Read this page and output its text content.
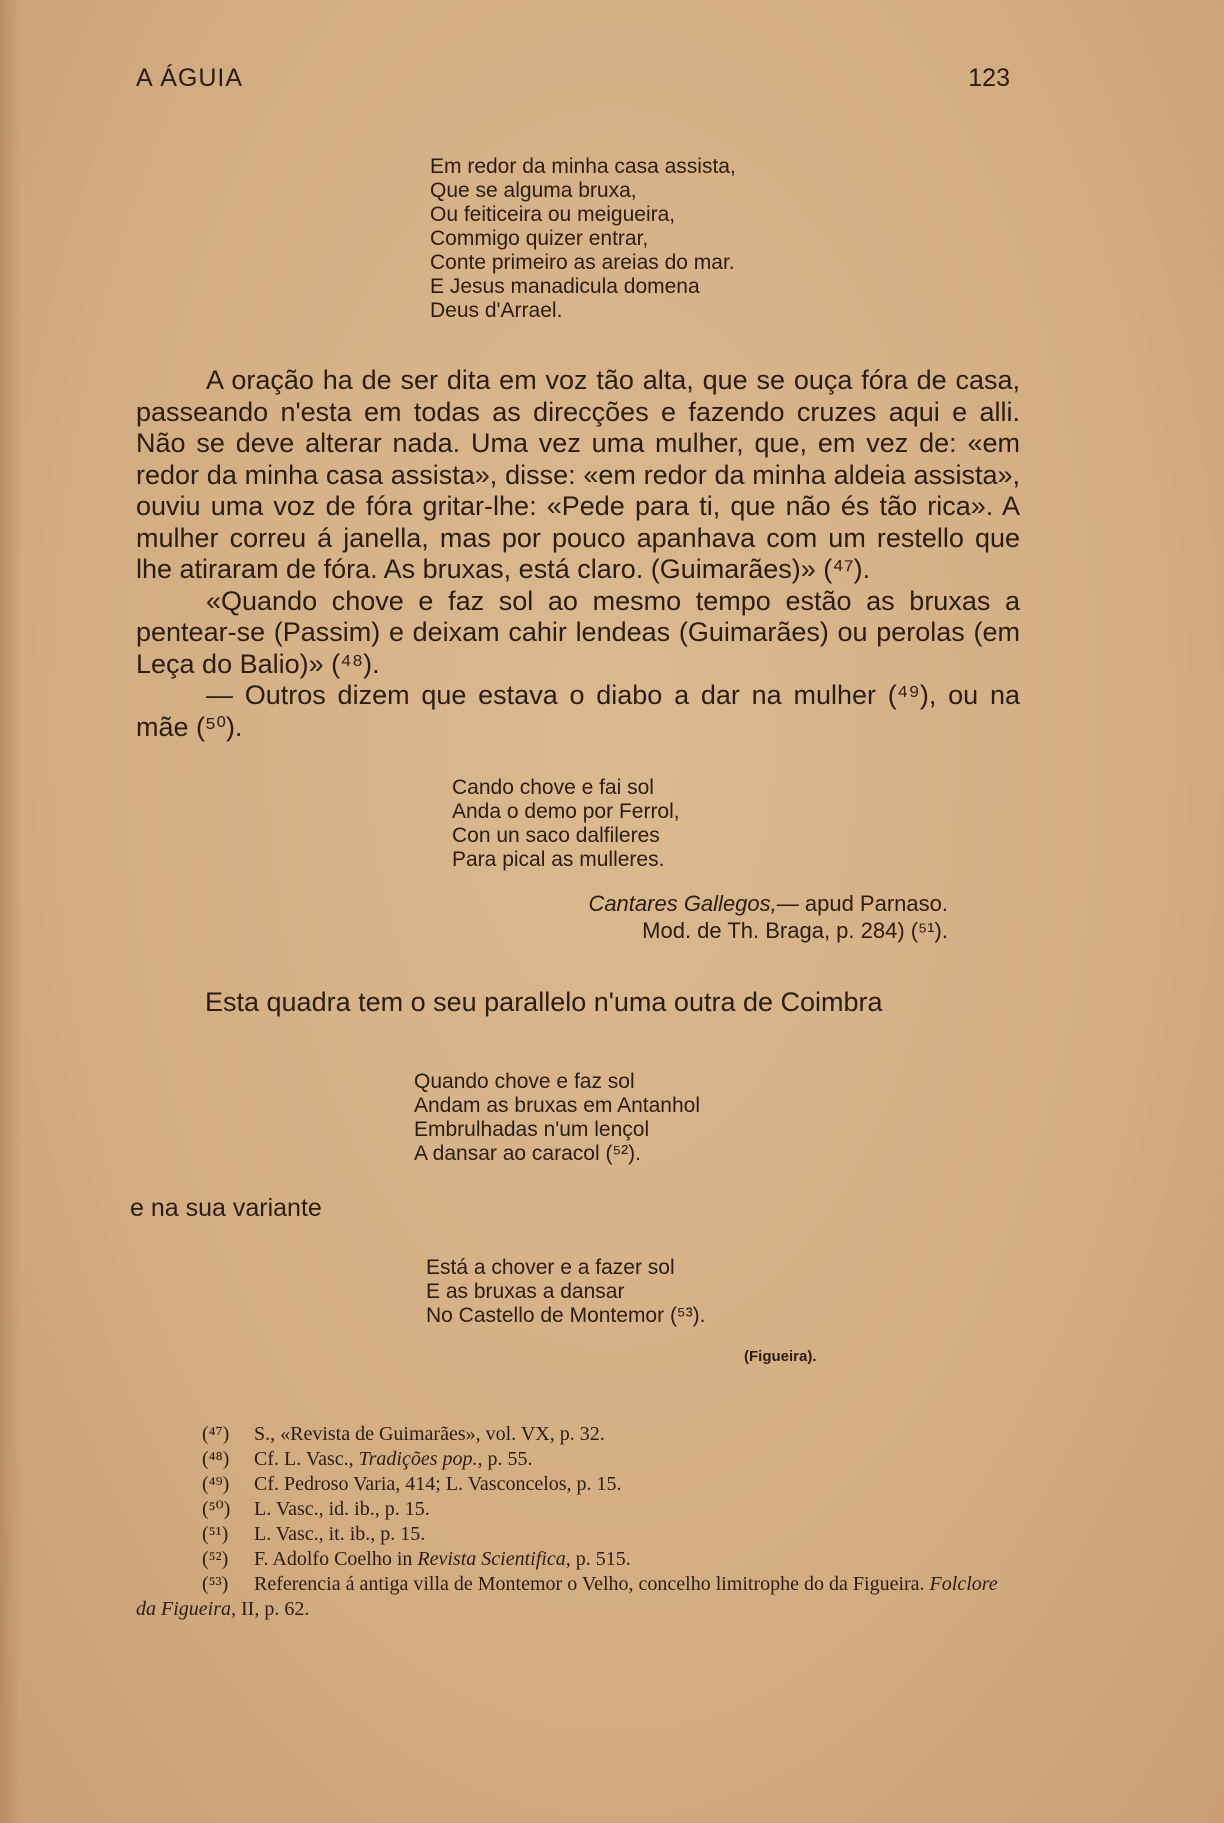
A ÁGUIA	123
Em redor da minha casa assista,
Que se alguma bruxa,
Ou feiticeira ou meigueira,
Commigo quizer entrar,
Conte primeiro as areias do mar.
E Jesus manadicula domena
Deus d'Arrael.

A oração ha de ser dita em voz tão alta, que se ouça fóra de casa, passeando n'esta em todas as direcções e fazendo cruzes aqui e alli. Não se deve alterar nada. Uma vez uma mulher, que, em vez de: «em redor da minha casa assista», disse: «em redor da minha aldeia assista», ouviu uma voz de fóra gritar-lhe: «Pede para ti, que não és tão rica». A mulher correu á janella, mas por pouco apanhava com um restello que lhe atiraram de fóra. As bruxas, está claro. (Guimarães)» (⁴⁷).

«Quando chove e faz sol ao mesmo tempo estão as bruxas a pentear-se (Passim) e deixam cahir lendeas (Guimarães) ou perolas (em Leça do Balio)» (⁴⁸).

— Outros dizem que estava o diabo a dar na mulher (⁴⁹), ou na mãe (⁵⁰).

Cando chove e fai sol
Anda o demo por Ferrol,
Con un saco dalfileres
Para pical as mulleres.
Cantares Gallegos,— apud Parnaso.
Mod. de Th. Braga, p. 284) (⁵¹).
Esta quadra tem o seu parallelo n'uma outra de Coimbra
Quando chove e faz sol
Andam as bruxas em Antanhol
Embrulhadas n'um lençol
A dansar ao caracol (⁵²).
e na sua variante
Está a chover e a fazer sol
E as bruxas a dansar
No Castello de Montemor (⁵³).
(Figueira).
(⁴⁷) S., «Revista de Guimarães», vol. VX, p. 32.
(⁴⁸) Cf. L. Vasc., Tradições pop., p. 55.
(⁴⁹) Cf. Pedroso Varia, 414; L. Vasconcelos, p. 15.
(⁵⁰) L. Vasc., id. ib., p. 15.
(⁵¹) L. Vasc., it. ib., p. 15.
(⁵²) F. Adolfo Coelho in Revista Scientifica, p. 515.
(⁵³) Referencia á antiga villa de Montemor o Velho, concelho limitrophe do da Figueira. Folclore da Figueira, II, p. 62.
